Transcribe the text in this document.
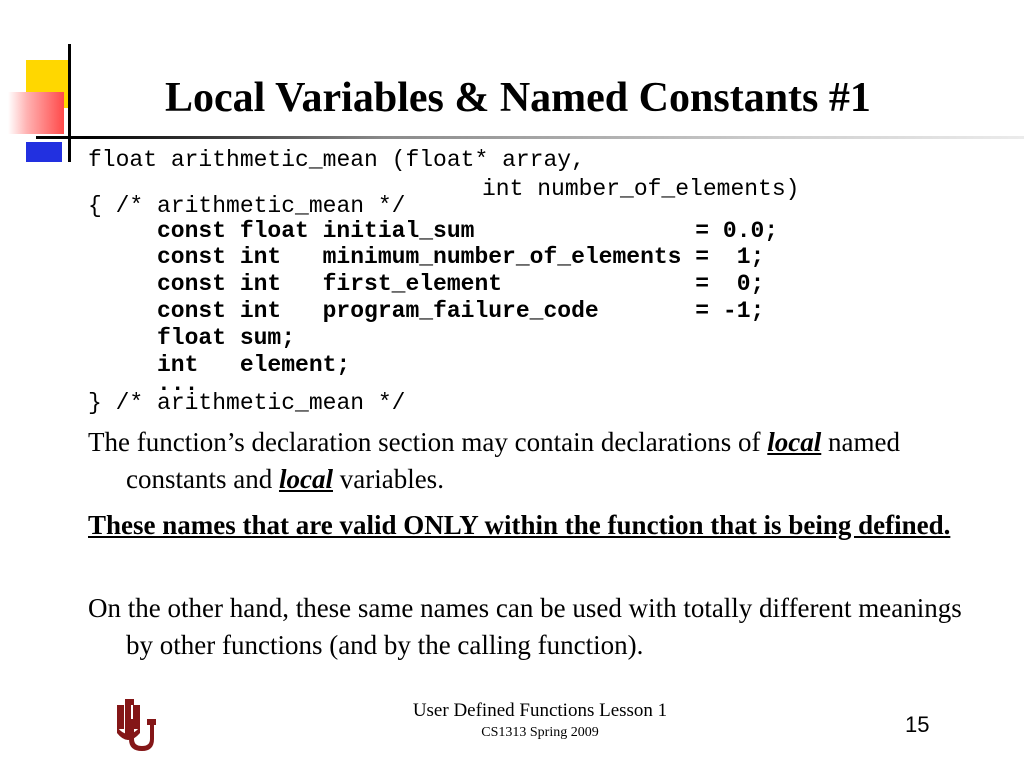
Local Variables & Named Constants #1
float arithmetic_mean (float* array,
int number_of_elements)
{ /* arithmetic_mean */
const float initial_sum                = 0.0;
const int   minimum_number_of_elements =  1;
const int   first_element              =  0;
const int   program_failure_code       = -1;
float sum;
int   element;
...
} /* arithmetic_mean */

The function’s declaration section may contain declarations of local named constants and local variables.

These names that are valid ONLY within the function that is being defined.

On the other hand, these same names can be used with totally different meanings by other functions (and by the calling function).

User Defined Functions Lesson 1
CS1313 Spring 2009	15
